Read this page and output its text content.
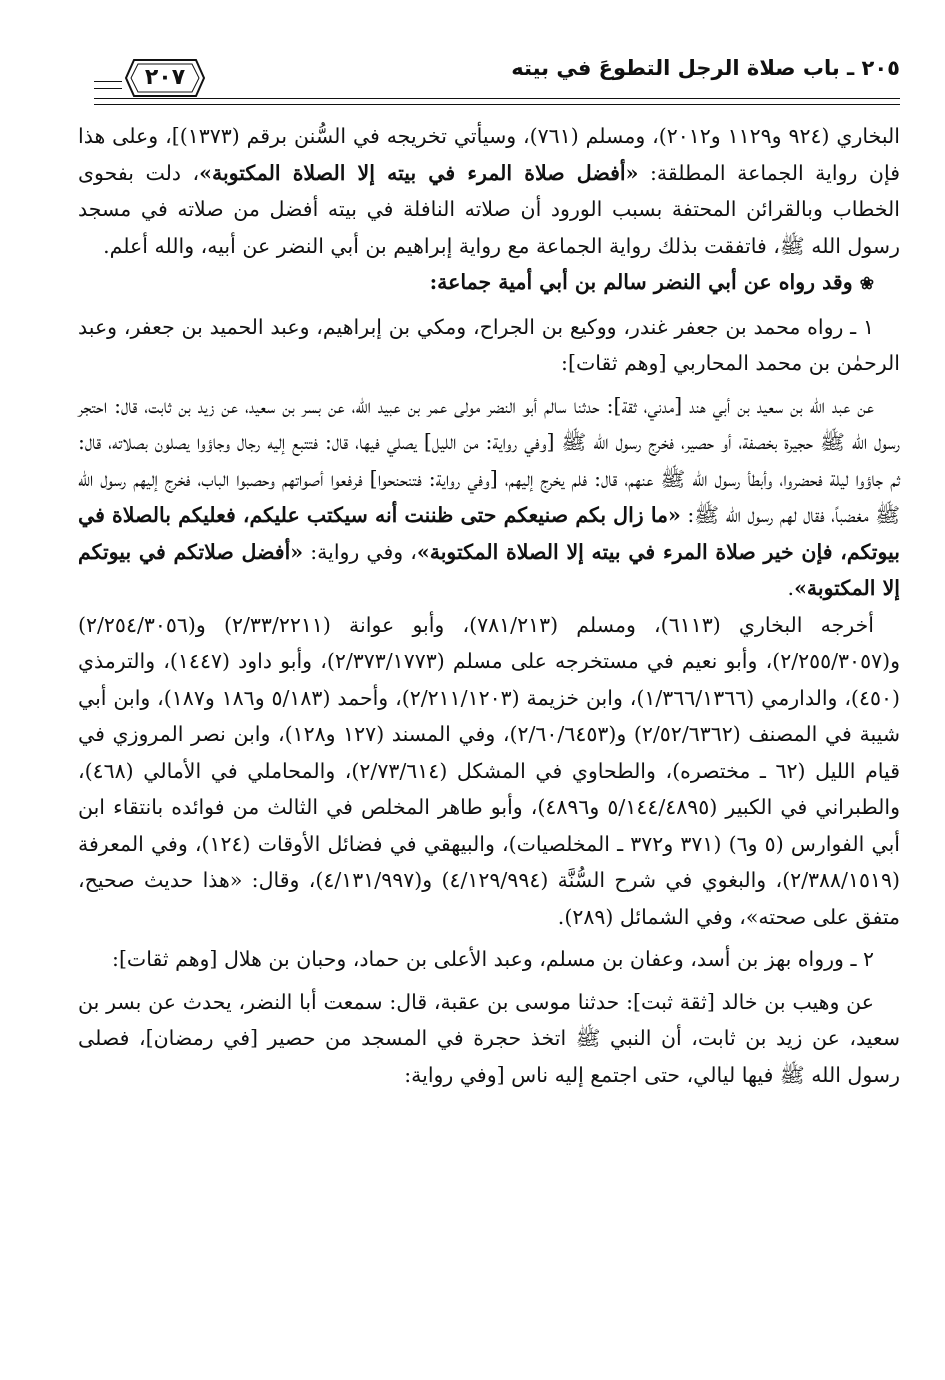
٢٠٥ ـ باب صلاة الرجل التطوعَ في بيته
٢٠٧

البخاري (٩٢٤ و١١٢٩ و٢٠١٢)، ومسلم (٧٦١)، وسيأتي تخريجه في السُّنن برقم (١٣٧٣)]، وعلى هذا فإن رواية الجماعة المطلقة: «أفضل صلاة المرء في بيته إلا الصلاة المكتوبة»، دلت بفحوى الخطاب وبالقرائن المحتفة بسبب الورود أن صلاته النافلة في بيته أفضل من صلاته في مسجد رسول الله ﷺ، فاتفقت بذلك رواية الجماعة مع رواية إبراهيم بن أبي النضر عن أبيه، والله أعلم.

❀ وقد رواه عن أبي النضر سالم بن أبي أمية جماعة:

١ ـ رواه محمد بن جعفر غندر، ووكيع بن الجراح، ومكي بن إبراهيم، وعبد الحميد بن جعفر، وعبد الرحمٰن بن محمد المحاربي [وهم ثقات]:

عن عبد الله بن سعيد بن أبي هند [مدني، ثقة]: حدثنا سالم أبو النضر مولى عمر بن عبيد الله، عن بسر بن سعيد، عن زيد بن ثابت، قال: احتجر رسول الله ﷺ حجيرة بخصفة، أو حصير، فخرج رسول الله ﷺ [وفي رواية: من الليل] يصلي فيها، قال: فتتبع إليه رجال وجاؤوا يصلون بصلاته، قال: ثم جاؤوا ليلة فحضروا، وأبطأ رسول الله ﷺ عنهم، قال: فلم يخرج إليهم، [وفي رواية: فتنحنحوا] فرفعوا أصواتهم وحصبوا الباب، فخرج إليهم رسول الله ﷺ مغضباً، فقال لهم رسول الله ﷺ: «ما زال بكم صنيعكم حتى ظننت أنه سيكتب عليكم، فعليكم بالصلاة في بيوتكم، فإن خير صلاة المرء في بيته إلا الصلاة المكتوبة»، وفي رواية: «أفضل صلاتكم في بيوتكم إلا المكتوبة».

أخرجه البخاري (٦١١٣)، ومسلم (٧٨١/٢١٣)، وأبو عوانة (٢/٣٣/٢٢١١) و(٢/٢٥٤/٣٠٥٦) و(٢/٢٥٥/٣٠٥٧)، وأبو نعيم في مستخرجه على مسلم (٢/٣٧٣/١٧٧٣)، وأبو داود (١٤٤٧)، والترمذي (٤٥٠)، والدارمي (١/٣٦٦/١٣٦٦)، وابن خزيمة (٢/٢١١/١٢٠٣)، وأحمد (٥/١٨٣ و١٨٦ و١٨٧)، وابن أبي شيبة في المصنف (٢/٥٢/٦٣٦٢) و(٢/٦٠/٦٤٥٣)، وفي المسند (١٢٧ و١٢٨)، وابن نصر المروزي في قيام الليل (٦٢ ـ مختصره)، والطحاوي في المشكل (٢/٧٣/٦١٤)، والمحاملي في الأمالي (٤٦٨)، والطبراني في الكبير (٥/١٤٤/٤٨٩٥ و٤٨٩٦)، وأبو طاهر المخلص في الثالث من فوائده بانتقاء ابن أبي الفوارس (٥ و٦) (٣٧١ و٣٧٢ ـ المخلصيات)، والبيهقي في فضائل الأوقات (١٢٤)، وفي المعرفة (٢/٣٨٨/١٥١٩)، والبغوي في شرح السُّنَّة (٤/١٢٩/٩٩٤) و(٤/١٣١/٩٩٧)، وقال: «هذا حديث صحيح، متفق على صحته»، وفي الشمائل (٢٨٩).

٢ ـ ورواه بهز بن أسد، وعفان بن مسلم، وعبد الأعلى بن حماد، وحبان بن هلال [وهم ثقات]:

عن وهيب بن خالد [ثقة ثبت]: حدثنا موسى بن عقبة، قال: سمعت أبا النضر، يحدث عن بسر بن سعيد، عن زيد بن ثابت، أن النبي ﷺ اتخذ حجرة في المسجد من حصير [في رمضان]، فصلى رسول الله ﷺ فيها ليالي، حتى اجتمع إليه ناس [وفي رواية:
